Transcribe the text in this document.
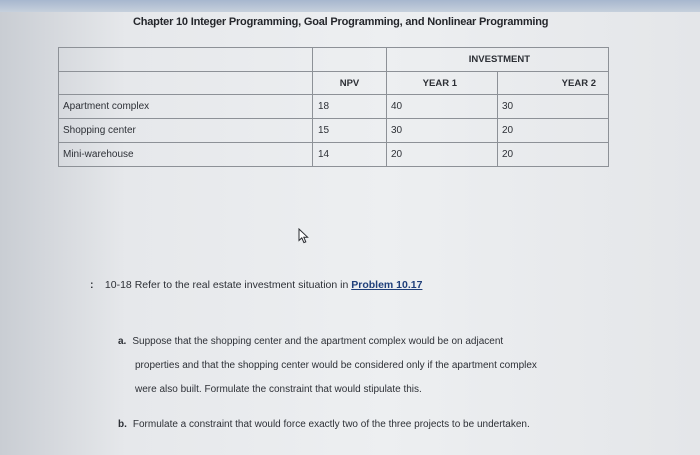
Chapter 10 Integer Programming, Goal Programming, and Nonlinear Programming
		INVESTMENT	
	NPV	YEAR 1	YEAR 2
Apartment complex	18	40	30
Shopping center	15	30	20
Mini-warehouse	14	20	20
: 10-18 Refer to the real estate investment situation in Problem 10.17
a. Suppose that the shopping center and the apartment complex would be on adjacent
properties and that the shopping center would be considered only if the apartment complex
were also built. Formulate the constraint that would stipulate this.
b. Formulate a constraint that would force exactly two of the three projects to be undertaken.
